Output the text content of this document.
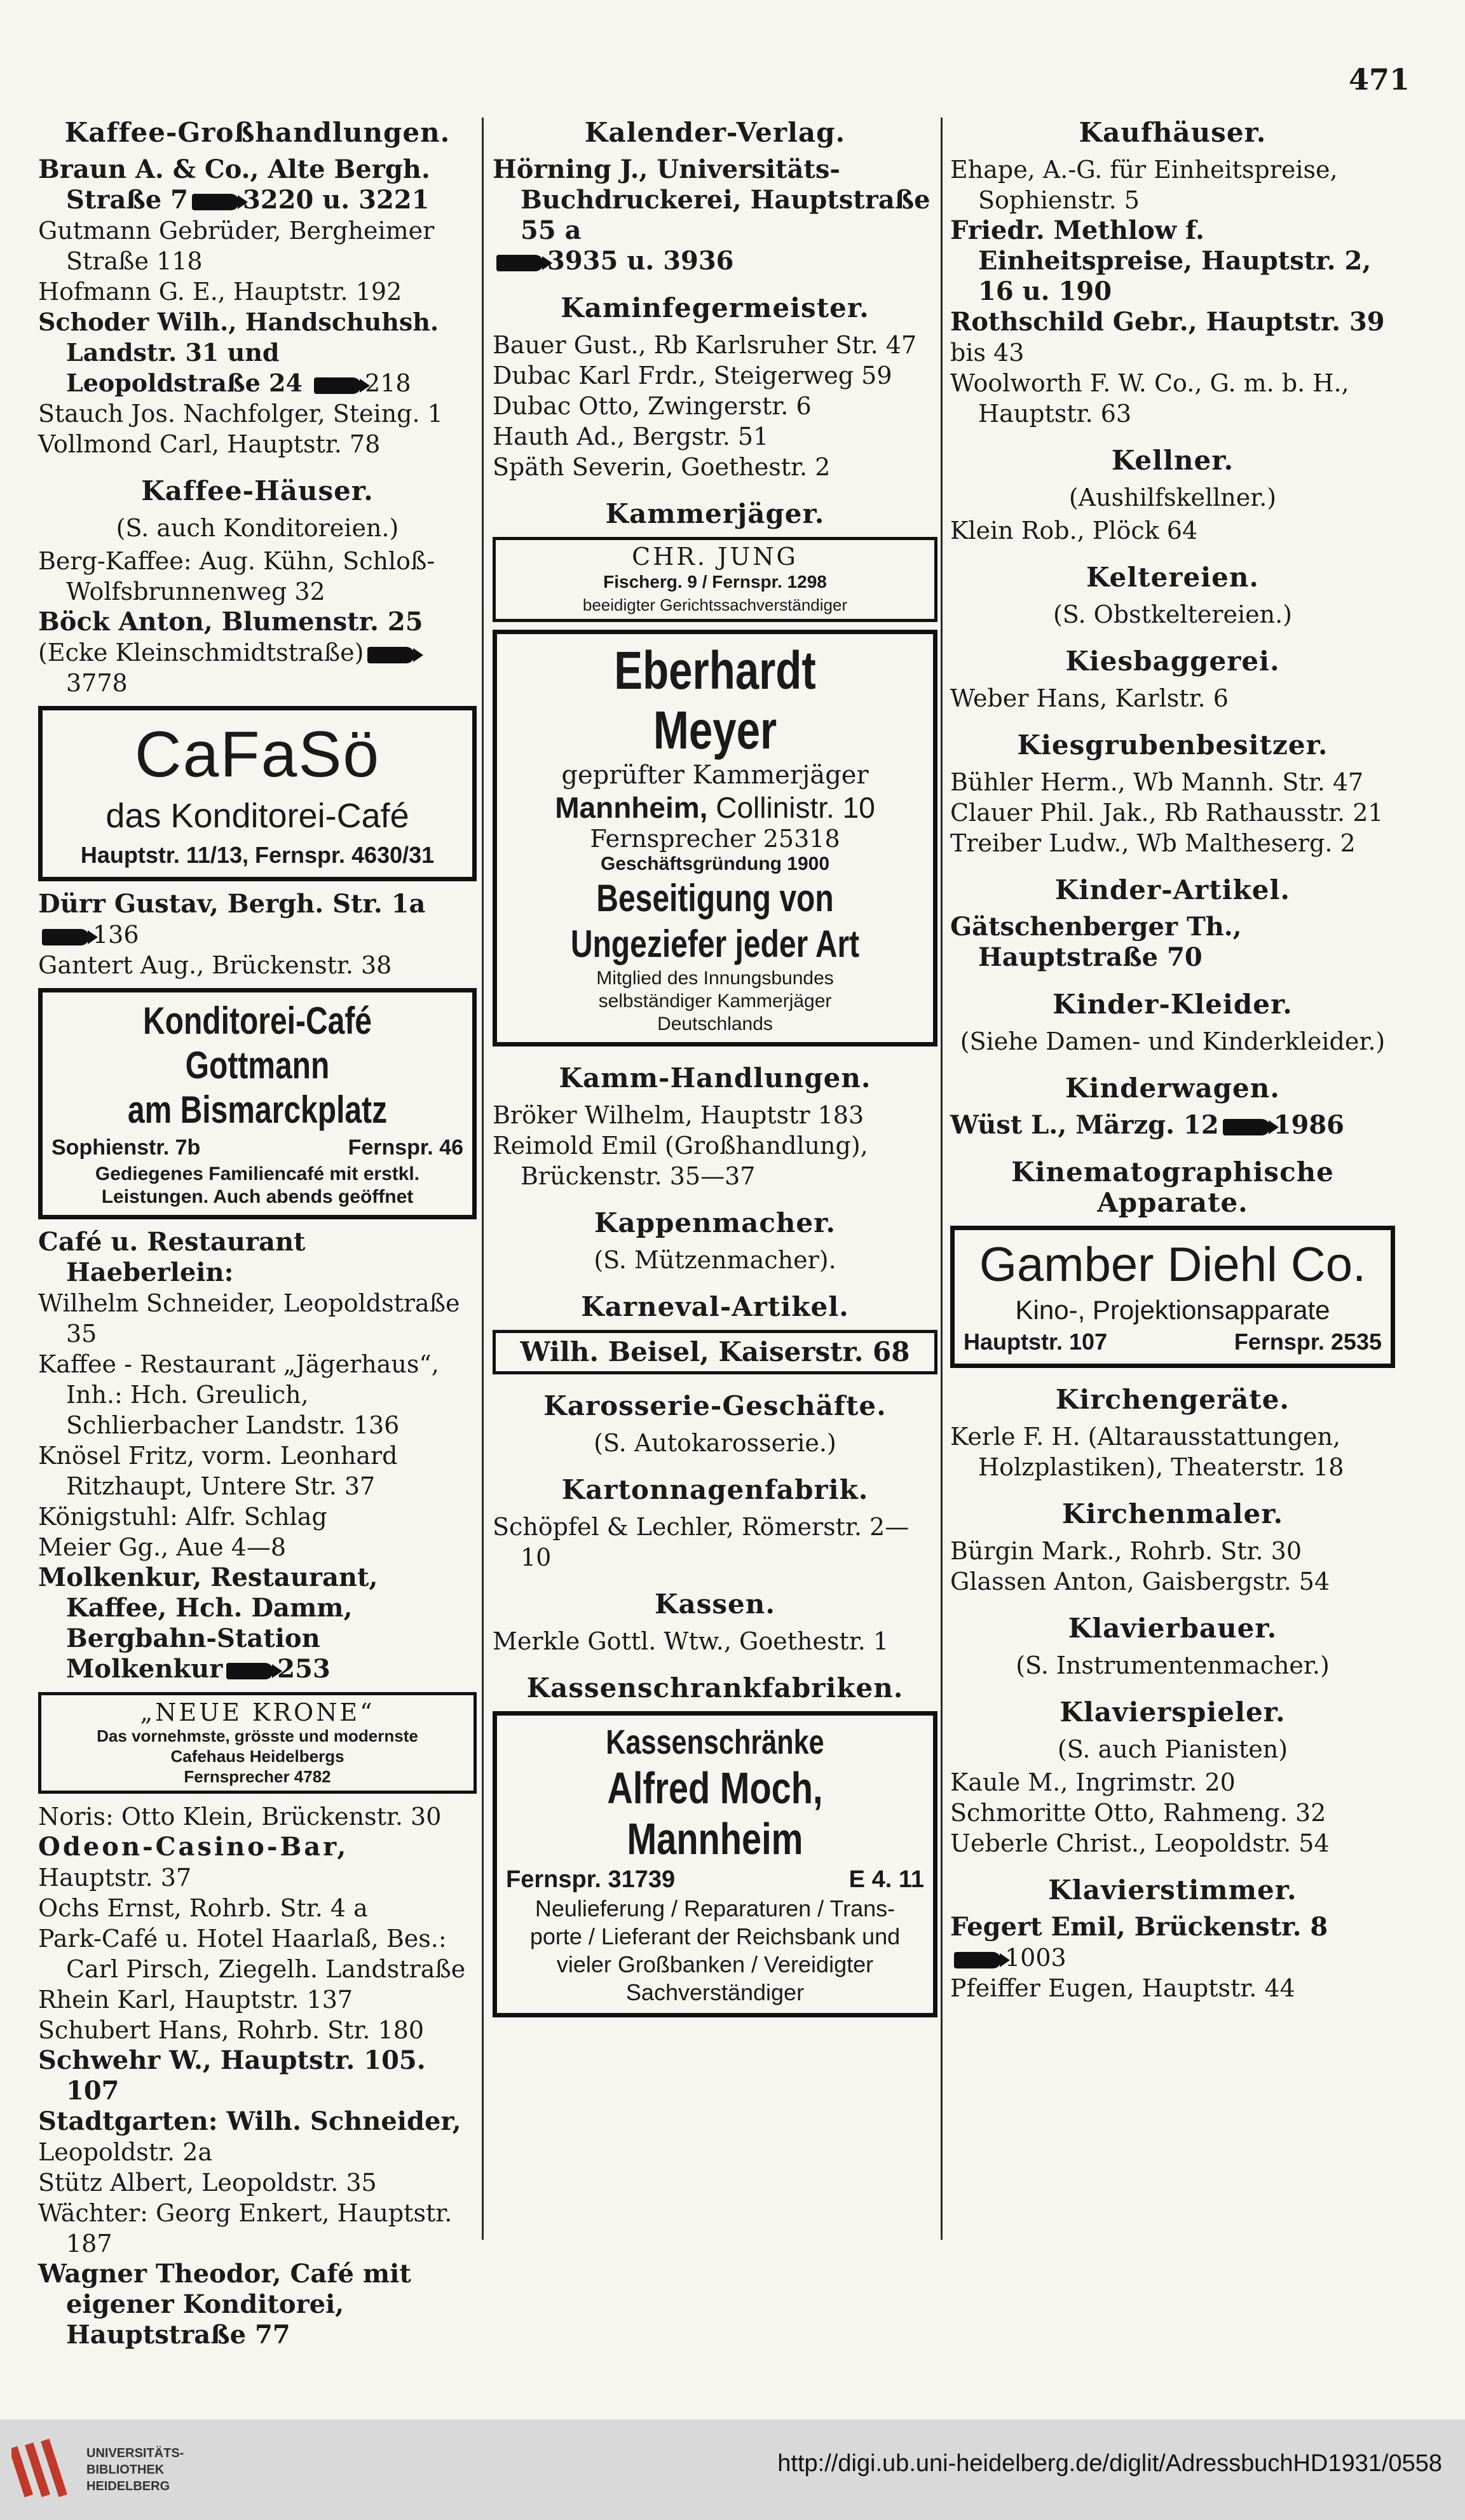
471
Kaffee-Großhandlungen.

Braun A. & Co., Alte Bergh. Straße 7 3220 u. 3221

Gutmann Gebrüder, Bergheimer Straße 118

Hofmann G. E., Hauptstr. 192

Schoder Wilh., Handschuhsh. Landstr. 31 und Leopoldstraße 24	218

Stauch Jos. Nachfolger, Steing. 1

Vollmond Carl, Hauptstr. 78

Kaffee-Häuser.
(S. auch Konditoreien.)

Berg-Kaffee: Aug. Kühn, Schloß-Wolfsbrunnenweg 32

Böck Anton, Blumenstr. 25

(Ecke Kleinschmidtstraße)3778

CaFaSö
das Konditorei-Café
Hauptstr. 11/13, Fernspr. 4630/31

Dürr Gustav, Bergh. Str. 1a

136

Gantert Aug., Brückenstr. 38

Konditorei-Café Gottmann
am Bismarckplatz
Sophienstr. 7b	Fernspr. 46
Gediegenes Familiencafé mit erstkl.
Leistungen. Auch abends geöffnet

Café u. Restaurant Haeberlein:

Wilhelm Schneider, Leopoldstraße 35

Kaffee - Restaurant „Jägerhaus“, Inh.: Hch. Greulich, Schlierbacher Landstr. 136

Knösel Fritz, vorm. Leonhard Ritzhaupt, Untere Str. 37

Königstuhl: Alfr. Schlag

Meier Gg., Aue 4—8

Molkenkur, Restaurant, Kaffee, Hch. Damm, Bergbahn-Station Molkenkur 253

„NEUE KRONE“
Das vornehmste, grösste und modernste
Cafehaus Heidelbergs
Fernsprecher 4782

Noris: Otto Klein, Brückenstr. 30

Odeon-Casino-Bar,

Hauptstr. 37

Ochs Ernst, Rohrb. Str. 4 a

Park-Café u. Hotel Haarlaß, Bes.: Carl Pirsch, Ziegelh. Landstraße

Rhein Karl, Hauptstr. 137

Schubert Hans, Rohrb. Str. 180

Schwehr W., Hauptstr. 105. 107

Stadtgarten: Wilh. Schneider,

Leopoldstr. 2a

Stütz Albert, Leopoldstr. 35

Wächter: Georg Enkert, Hauptstr. 187

Wagner Theodor, Café mit eigener Konditorei, Hauptstraße 77

Kalender-Verlag.

Hörning J., Universitäts-Buchdruckerei, Hauptstraße 55 a

3935 u. 3936

Kaminfegermeister.

Bauer Gust., Rb Karlsruher Str. 47

Dubac Karl Frdr., Steigerweg 59

Dubac Otto, Zwingerstr. 6

Hauth Ad., Bergstr. 51

Späth Severin, Goethestr. 2

Kammerjäger.
CHR. JUNG
Fischerg. 9 / Fernspr. 1298
beeidigter Gerichtssachverständiger
Eberhardt Meyer
geprüfter Kammerjäger
Mannheim, Collinistr. 10
Fernsprecher 25318
Geschäftsgründung 1900
Beseitigung von
Ungeziefer jeder Art
Mitglied des Innungsbundes
selbständiger Kammerjäger
Deutschlands
Kamm-Handlungen.

Bröker Wilhelm, Hauptstr 183

Reimold Emil (Großhandlung), Brückenstr. 35—37

Kappenmacher.
(S. Mützenmacher).
Karneval-Artikel.
Wilh. Beisel, Kaiserstr. 68
Karosserie-Geschäfte.
(S. Autokarosserie.)
Kartonnagenfabrik.

Schöpfel & Lechler, Römerstr. 2—10

Kassen.

Merkle Gottl. Wtw., Goethestr. 1

Kassenschrankfabriken.
Kassenschränke
Alfred Moch, Mannheim
Fernspr. 31739	E 4. 11
Neulieferung / Reparaturen / Trans-
porte / Lieferant der Reichsbank und
vieler Großbanken / Vereidigter
Sachverständiger
Kaufhäuser.

Ehape, A.-G. für Einheitspreise, Sophienstr. 5

Friedr. Methlow f. Einheitspreise, Hauptstr. 2, 16 u. 190

Rothschild Gebr., Hauptstr. 39

bis 43

Woolworth F. W. Co., G. m. b. H., Hauptstr. 63

Kellner.
(Aushilfskellner.)

Klein Rob., Plöck 64

Keltereien.
(S. Obstkeltereien.)
Kiesbaggerei.

Weber Hans, Karlstr. 6

Kiesgrubenbesitzer.

Bühler Herm., Wb Mannh. Str. 47

Clauer Phil. Jak., Rb Rathausstr. 21

Treiber Ludw., Wb Maltheserg. 2

Kinder-Artikel.

Gätschenberger Th., Hauptstraße 70

Kinder-Kleider.
(Siehe Damen- und Kinderkleider.)
Kinderwagen.

Wüst L., Märzg. 12 1986

Kinematographische Apparate.
Gamber Diehl Co.
Kino-, Projektionsapparate
Hauptstr. 107	Fernspr. 2535
Kirchengeräte.

Kerle F. H. (Altarausstattungen, Holzplastiken), Theaterstr. 18

Kirchenmaler.

Bürgin Mark., Rohrb. Str. 30

Glassen Anton, Gaisbergstr. 54

Klavierbauer.
(S. Instrumentenmacher.)
Klavierspieler.
(S. auch Pianisten)

Kaule M., Ingrimstr. 20

Schmoritte Otto, Rahmeng. 32

Ueberle Christ., Leopoldstr. 54

Klavierstimmer.

Fegert Emil, Brückenstr. 8

1003

Pfeiffer Eugen, Hauptstr. 44

UNIVERSITÄTS-
BIBLIOTHEK
HEIDELBERG
http://digi.ub.uni-heidelberg.de/diglit/AdressbuchHD1931/0558
